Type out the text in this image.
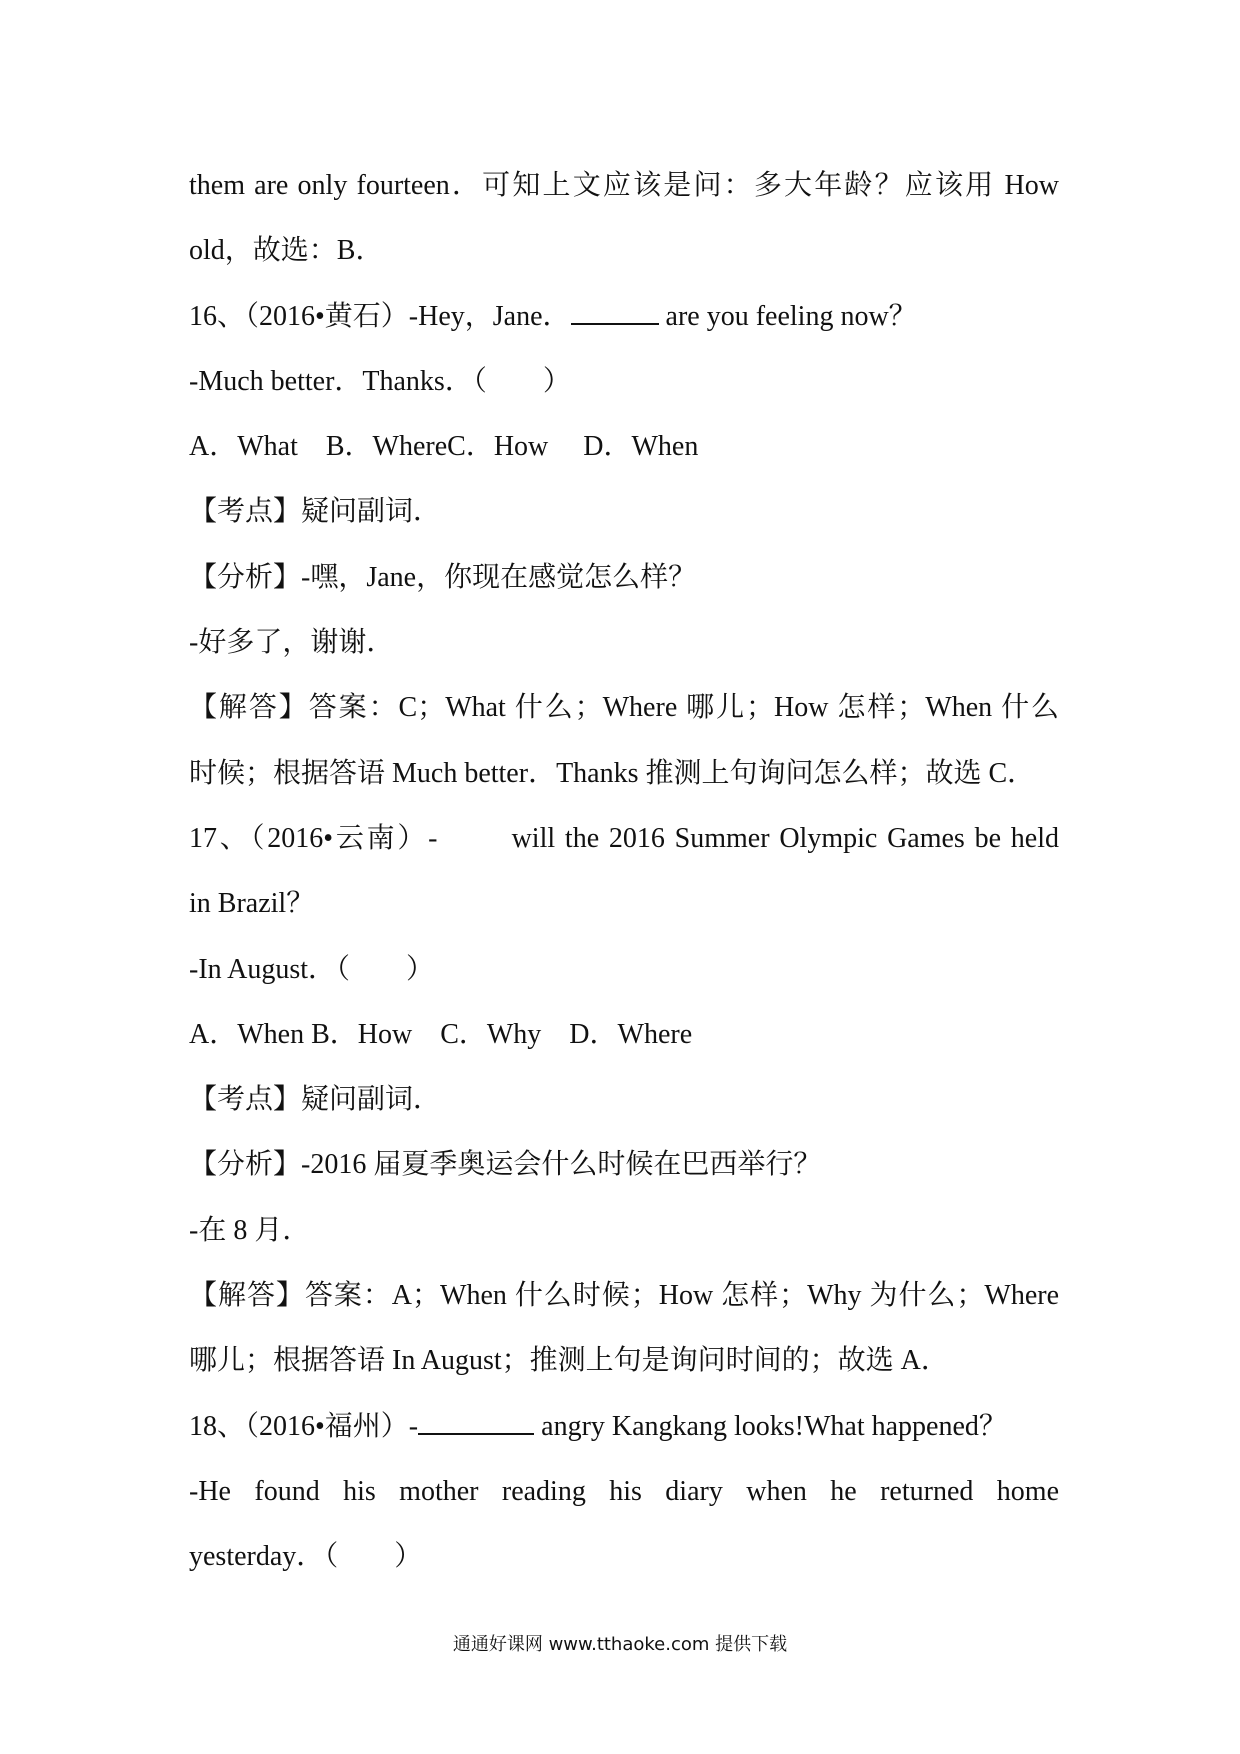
them are only fourteen．可知上文应该是问：多大年龄？应该用 How
old，故选：B．
16、（2016•黄石）-Hey，Jane．	are you feeling now？
-Much better．Thanks．（　　）
A．What　B．WhereC．How　 D．When
【考点】疑问副词．
【分析】-嘿，Jane，你现在感觉怎么样？
-好多了，谢谢．
【解答】答案：C；What 什么；Where 哪儿；How 怎样；When 什么
时候；根据答语 Much better．Thanks 推测上句询问怎么样；故选 C．
17、（2016•云南）-　　 will the 2016 Summer Olympic Games be held
in Brazil？
-In August．（　　）
A．When B．How　C．Why　D．Where
【考点】疑问副词．
【分析】-2016 届夏季奥运会什么时候在巴西举行？
-在 8 月．
【解答】答案：A；When 什么时候；How 怎样；Why 为什么；Where
哪儿；根据答语 In August；推测上句是询问时间的；故选 A．
18、（2016•福州）-	angry Kangkang looks!What happened？
-He found his mother reading his diary when he returned home
yesterday．（　　）
通通好课网 www.tthaoke.com 提供下载
